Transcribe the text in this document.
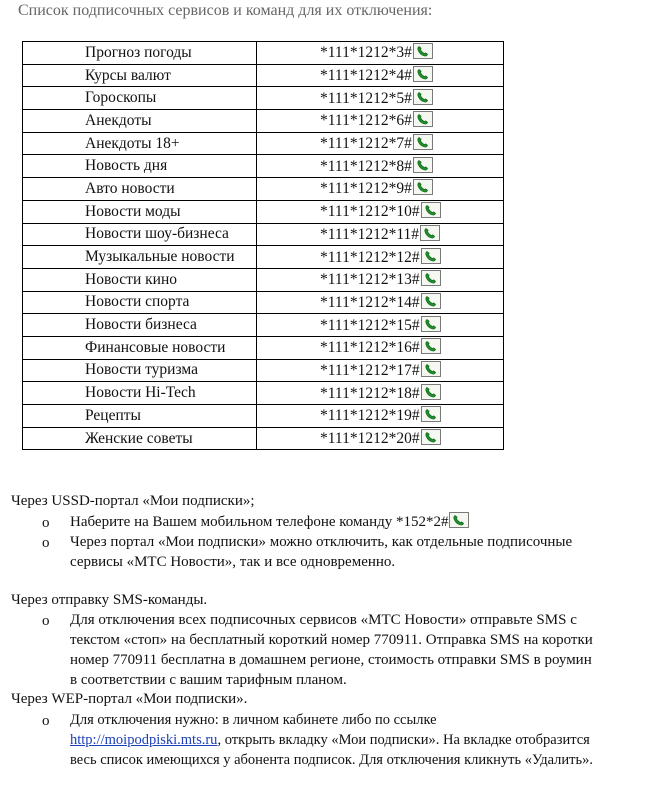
Список подписочных сервисов и команд для их отключения:
Прогноз погоды	*111*1212*3#
Курсы валют	*111*1212*4#
Гороскопы	*111*1212*5#
Анекдоты	*111*1212*6#
Анекдоты 18+	*111*1212*7#
Новость дня	*111*1212*8#
Авто новости	*111*1212*9#
Новости моды	*111*1212*10#
Новости шоу-бизнеса	*111*1212*11#
Музыкальные новости	*111*1212*12#
Новости кино	*111*1212*13#
Новости спорта	*111*1212*14#
Новости бизнеса	*111*1212*15#
Финансовые новости	*111*1212*16#
Новости туризма	*111*1212*17#
Новости Hi-Tech	*111*1212*18#
Рецепты	*111*1212*19#
Женские советы	*111*1212*20#
Через USSD-портал «Мои подписки»;
o Наберите на Вашем мобильном телефоне команду *152*2#
o Через портал «Мои подписки» можно отключить, как отдельные подписочные
сервисы «МТС Новости», так и все одновременно.
Через отправку SMS-команды.
o Для отключения всех подписочных сервисов «МТС Новости» отправьте SMS с
текстом «стоп» на бесплатный короткий номер 770911. Отправка SMS на коротки
номер 770911 бесплатна в домашнем регионе, стоимость отправки SMS в роумин
в соответствии с вашим тарифным планом.
Через WEP-портал «Мои подписки».
o Для отключения нужно: в личном кабинете либо по ссылке
http://moipodpiski.mts.ru, открыть вкладку «Мои подписки». На вкладке отобразится
весь список имеющихся у абонента подписок. Для отключения кликнуть «Удалить».
